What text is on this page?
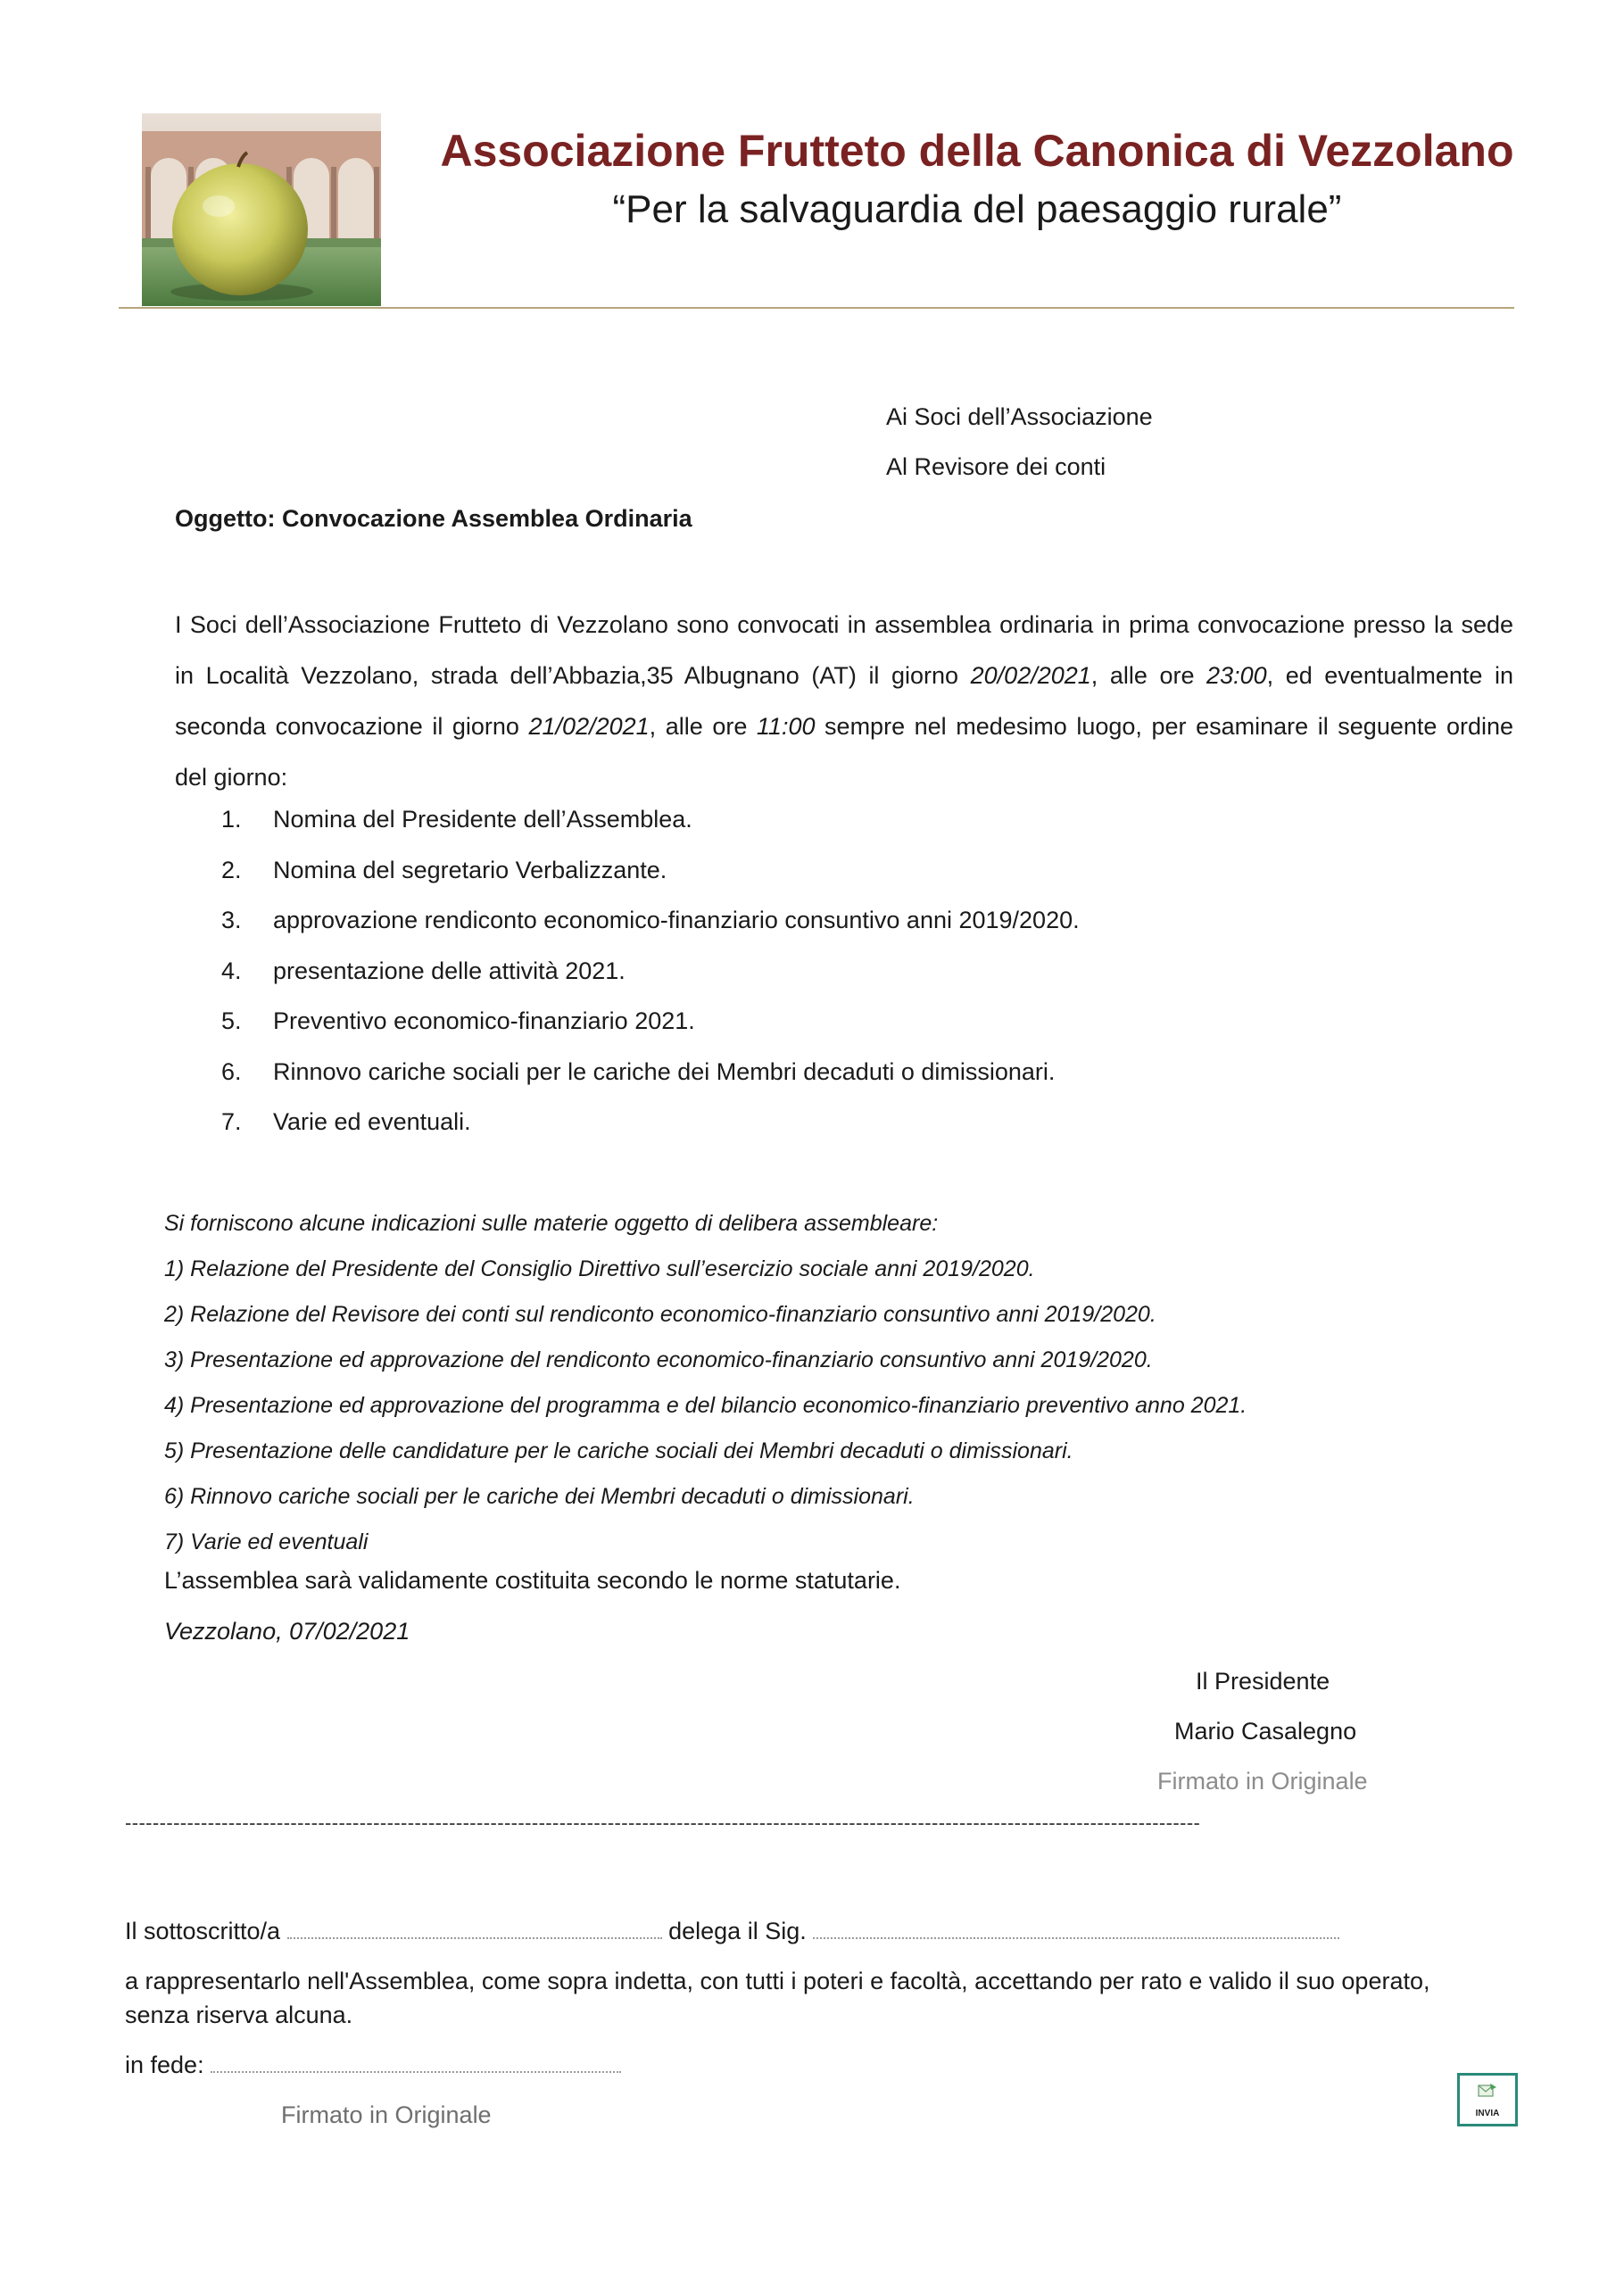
Associazione Frutteto della Canonica di Vezzolano
“Per la salvaguardia del paesaggio rurale”
Ai Soci dell’Associazione
Al Revisore dei conti
Oggetto: Convocazione Assemblea Ordinaria
I Soci dell’Associazione Frutteto di Vezzolano sono convocati in assemblea ordinaria in prima convocazione presso la sede
in Località Vezzolano, strada dell’Abbazia,35 Albugnano (AT) il giorno 20/02/2021, alle ore 23:00, ed eventualmente in
seconda convocazione il giorno 21/02/2021, alle ore 11:00 sempre nel medesimo luogo, per esaminare il seguente ordine
del giorno:
1. Nomina del Presidente dell’Assemblea.
2. Nomina del segretario Verbalizzante.
3. approvazione rendiconto economico-finanziario consuntivo anni 2019/2020.
4. presentazione delle attività 2021.
5. Preventivo economico-finanziario 2021.
6. Rinnovo cariche sociali per le cariche dei Membri decaduti o dimissionari.
7. Varie ed eventuali.
Si forniscono alcune indicazioni sulle materie oggetto di delibera assembleare:
1) Relazione del Presidente del Consiglio Direttivo sull’esercizio sociale anni 2019/2020.
2) Relazione del Revisore dei conti sul rendiconto economico-finanziario consuntivo anni 2019/2020.
3) Presentazione ed approvazione del rendiconto economico-finanziario consuntivo anni 2019/2020.
4) Presentazione ed approvazione del programma e del bilancio economico-finanziario preventivo anno 2021.
5) Presentazione delle candidature per le cariche sociali dei Membri decaduti o dimissionari.
6) Rinnovo cariche sociali per le cariche dei Membri decaduti o dimissionari.
7) Varie ed eventuali
L’assemblea sarà validamente costituita secondo le norme statutarie.
Vezzolano, 07/02/2021
Il Presidente
Mario Casalegno
Firmato in Originale
------------------------------------------------------------------------------------------------------------------------------------------------------------
Il sottoscritto/a	delega il Sig.
a rappresentarlo nell'Assemblea, come sopra indetta, con tutti i poteri e facoltà, accettando per rato e valido il suo operato,
senza riserva alcuna.
in fede:
Firmato in Originale	INVIA
